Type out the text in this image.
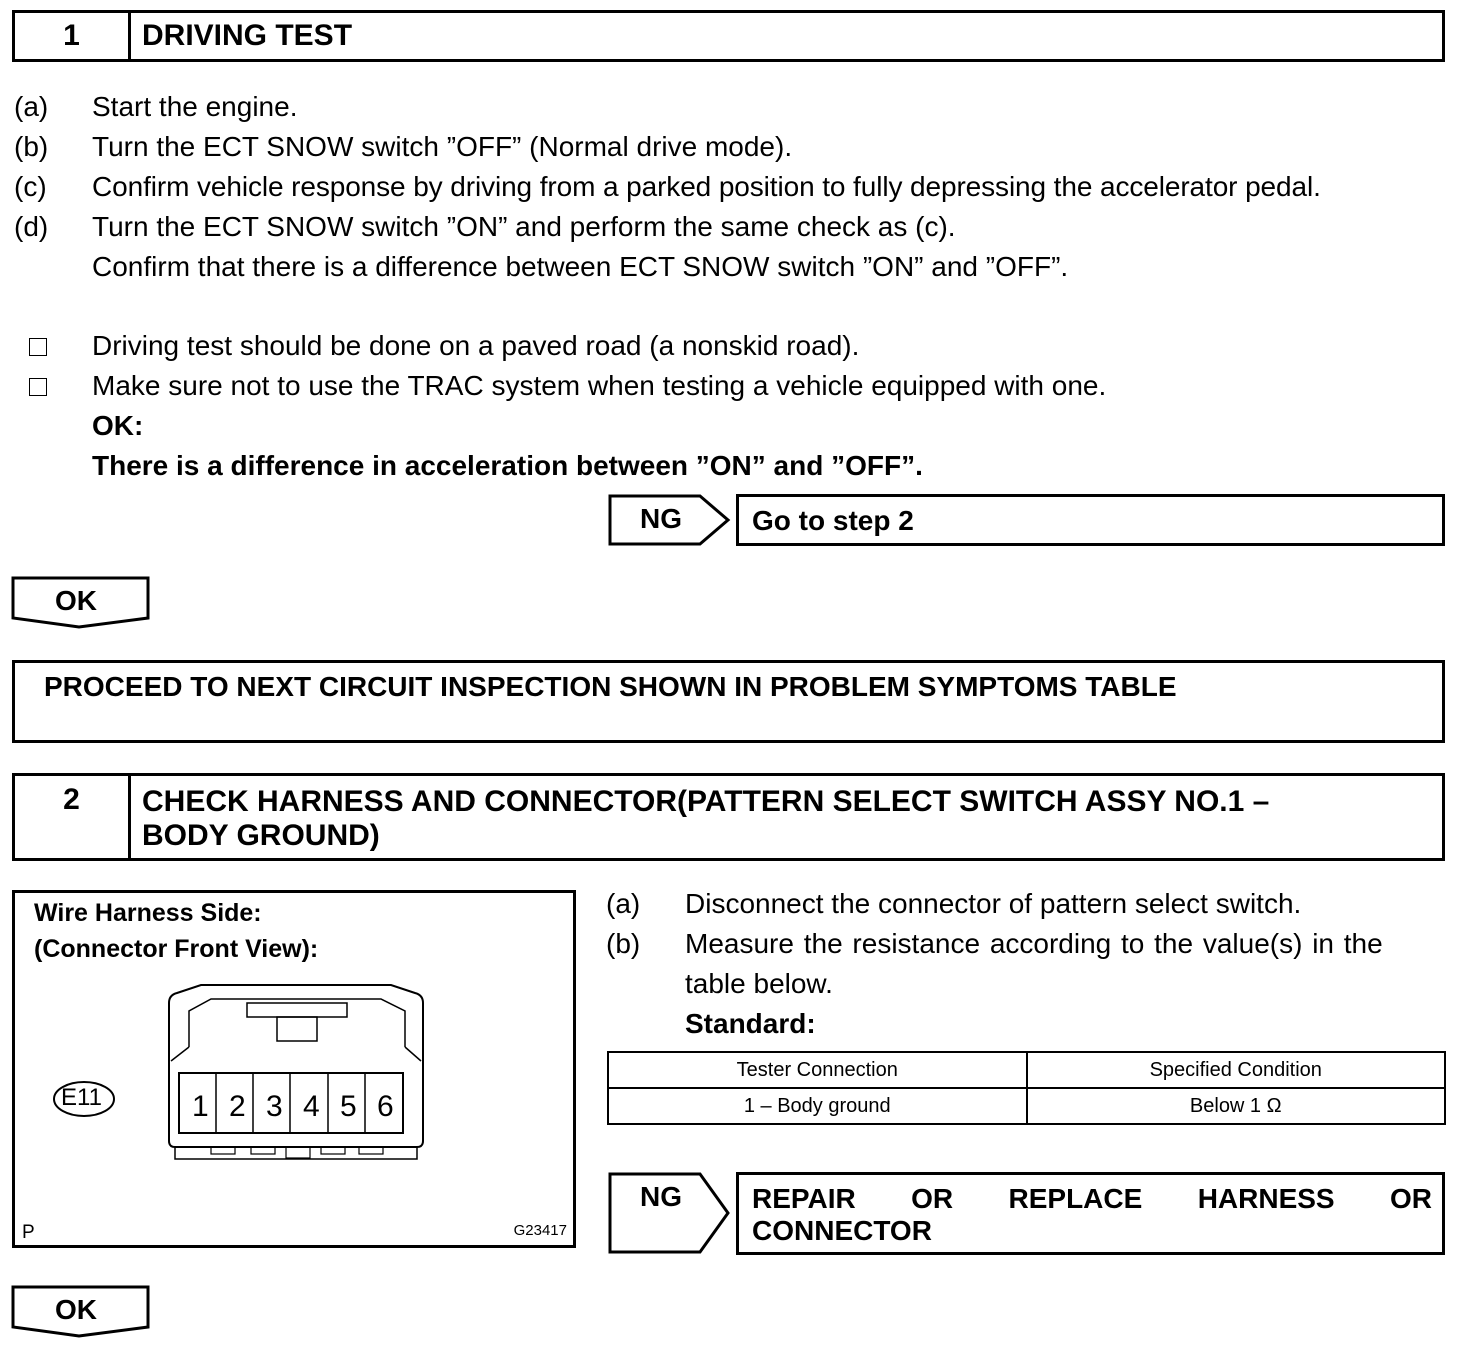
1	DRIVING TEST
(a) Start the engine.
(b) Turn the ECT SNOW switch ”OFF” (Normal drive mode).
(c) Confirm vehicle response by driving from a parked position to fully depressing the accelerator pedal.
(d) Turn the ECT SNOW switch ”ON” and perform the same check as (c).
Confirm that there is a difference between ECT SNOW switch ”ON” and ”OFF”.
Driving test should be done on a paved road (a nonskid road).
Make sure not to use the TRAC system when testing a vehicle equipped with one.
OK:
There is a difference in acceleration between ”ON” and ”OFF”.
NG	Go to step 2
OK
PROCEED TO NEXT CIRCUIT INSPECTION SHOWN IN PROBLEM SYMPTOMS TABLE
2	CHECK HARNESS AND CONNECTOR(PATTERN SELECT SWITCH ASSY NO.1 –
BODY GROUND)
Wire Harness Side:
(Connector Front View):
E11	1 2 3 4 5 6
P	G23417
(a) Disconnect the connector of pattern select switch.
(b) Measure the resistance according to the value(s) in the
table below.
Standard:
Tester Connection	Specified Condition
1 – Body ground	Below 1 Ω
NG	REPAIR OR REPLACE HARNESS OR
CONNECTOR
OK
